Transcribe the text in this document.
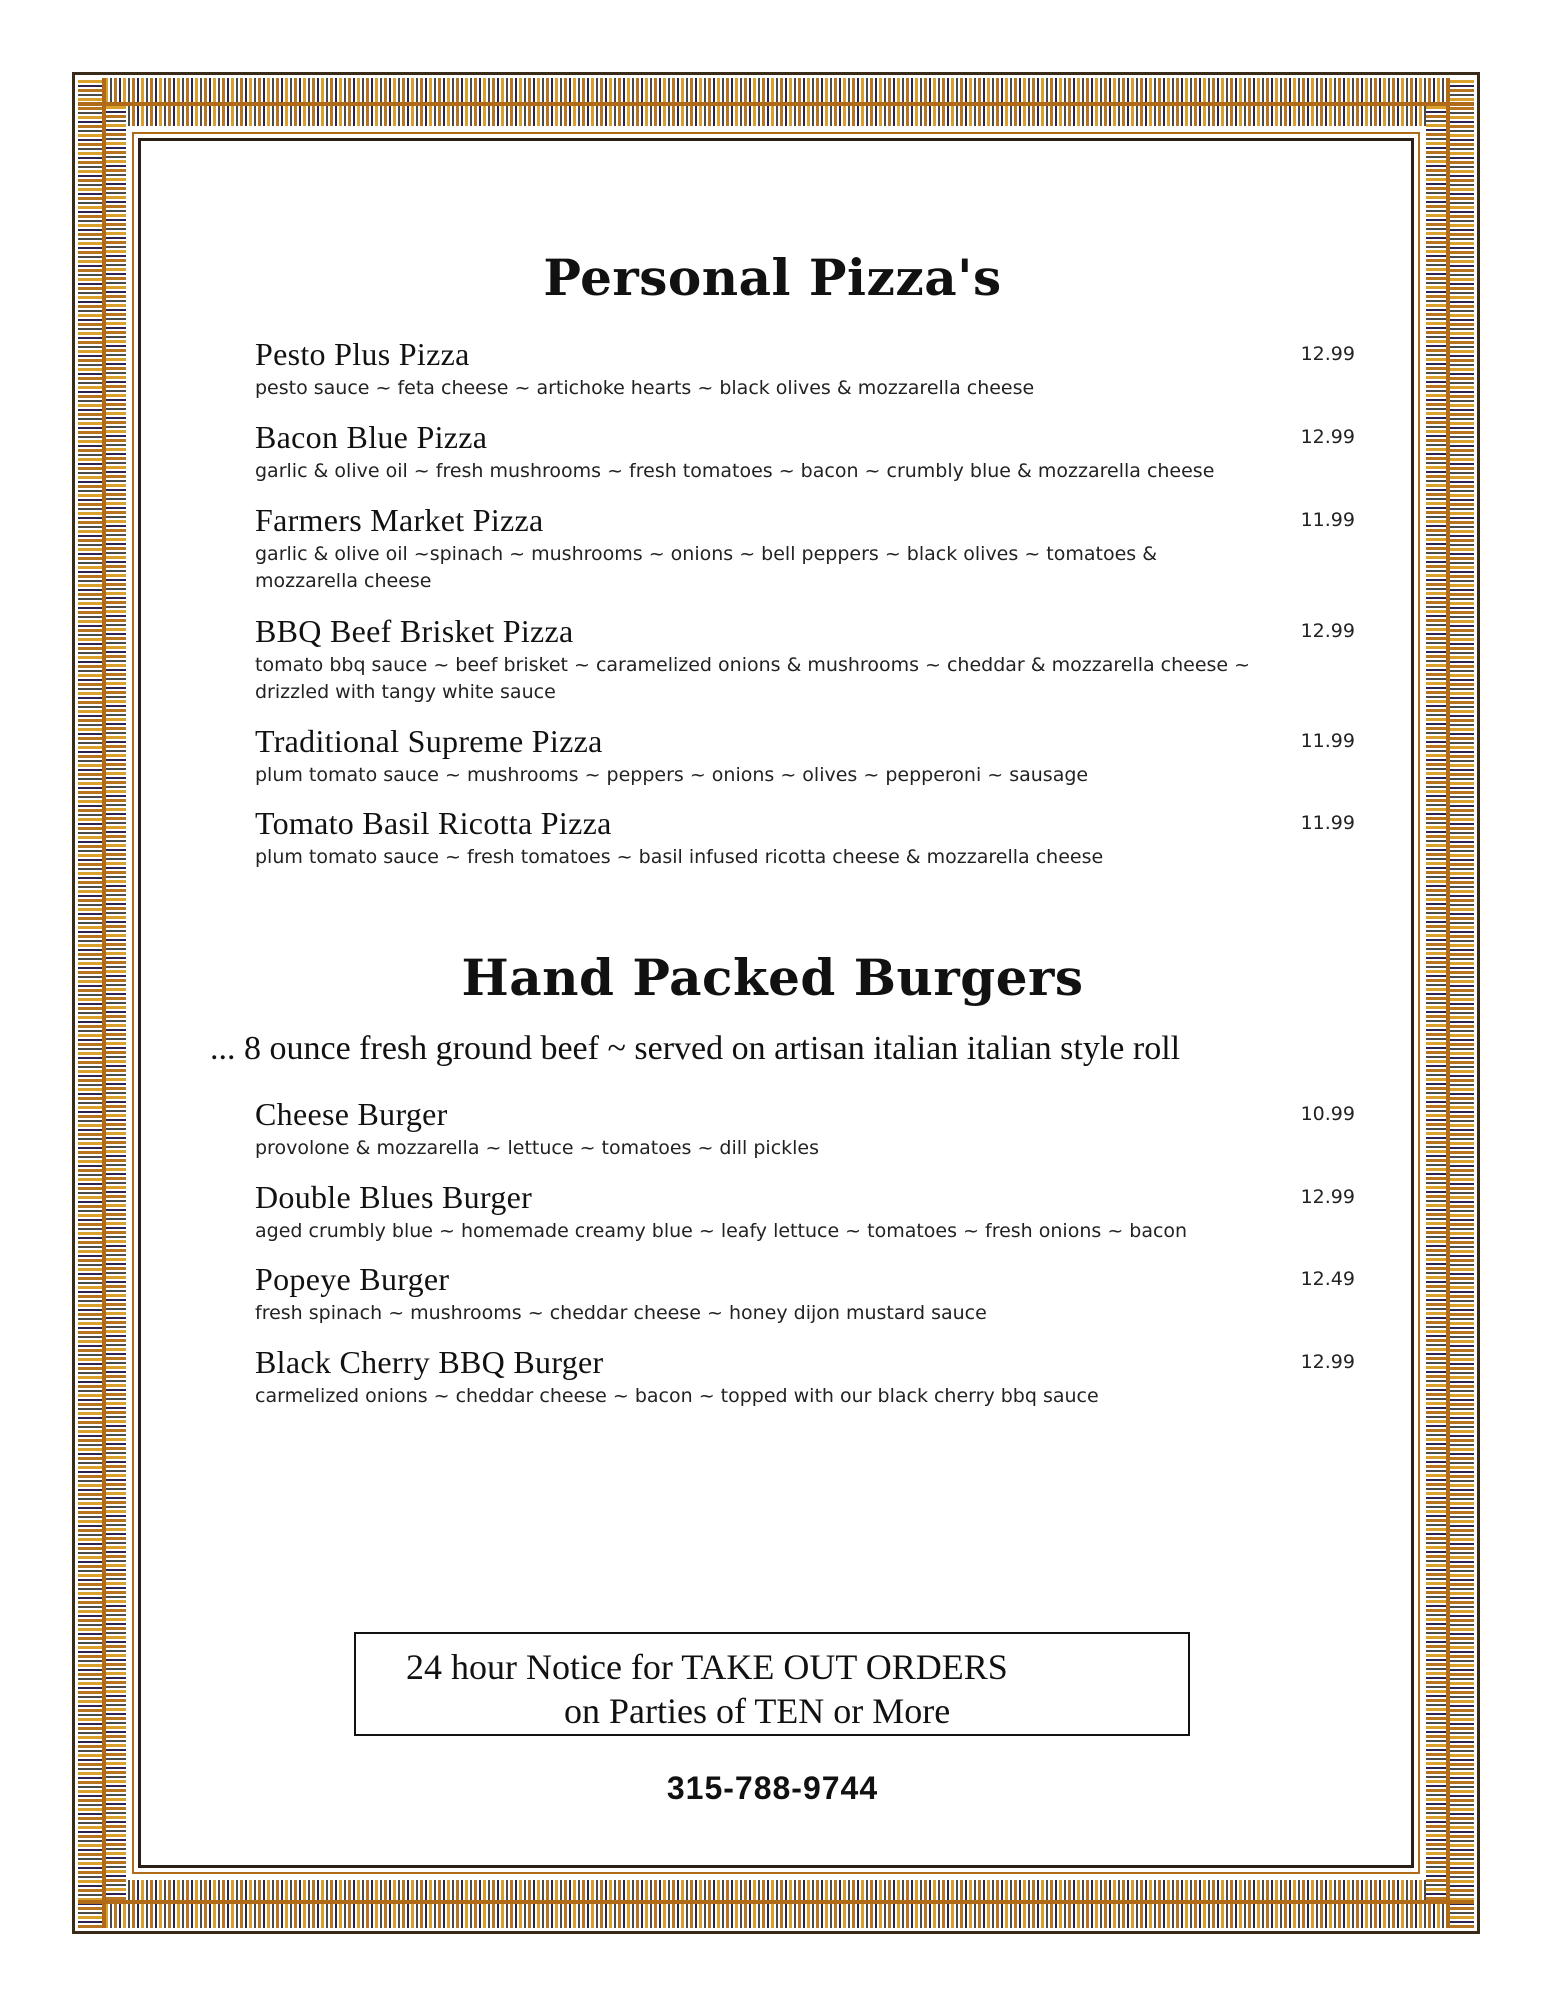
Personal Pizza's
Pesto Plus Pizza
pesto sauce ~ feta cheese ~ artichoke hearts ~ black olives & mozzarella cheese
12.99
Bacon Blue Pizza
garlic & olive oil ~ fresh mushrooms ~ fresh tomatoes ~ bacon ~ crumbly blue & mozzarella cheese
12.99
Farmers Market Pizza
garlic & olive oil ~spinach ~ mushrooms ~ onions ~ bell peppers ~ black olives ~ tomatoes & mozzarella cheese
11.99
BBQ Beef Brisket Pizza
tomato bbq sauce ~ beef brisket ~ caramelized onions & mushrooms ~ cheddar & mozzarella cheese ~ drizzled with tangy white sauce
12.99
Traditional Supreme Pizza
plum tomato sauce ~ mushrooms ~ peppers ~ onions ~ olives ~ pepperoni ~ sausage
11.99
Tomato Basil Ricotta Pizza
plum tomato sauce ~ fresh tomatoes ~ basil infused ricotta cheese & mozzarella cheese
11.99
Hand Packed Burgers
... 8 ounce fresh ground beef ~ served on artisan italian italian style roll
Cheese Burger
provolone & mozzarella ~ lettuce ~ tomatoes ~ dill pickles
10.99
Double Blues Burger
aged crumbly blue ~ homemade creamy blue ~ leafy lettuce ~ tomatoes ~ fresh onions ~ bacon
12.99
Popeye Burger
fresh spinach ~ mushrooms ~ cheddar cheese ~ honey dijon mustard sauce
12.49
Black Cherry BBQ Burger
carmelized onions ~ cheddar cheese ~ bacon ~ topped with our black cherry bbq sauce
12.99
24 hour Notice for TAKE OUT ORDERS
on Parties of TEN or More
315-788-9744
